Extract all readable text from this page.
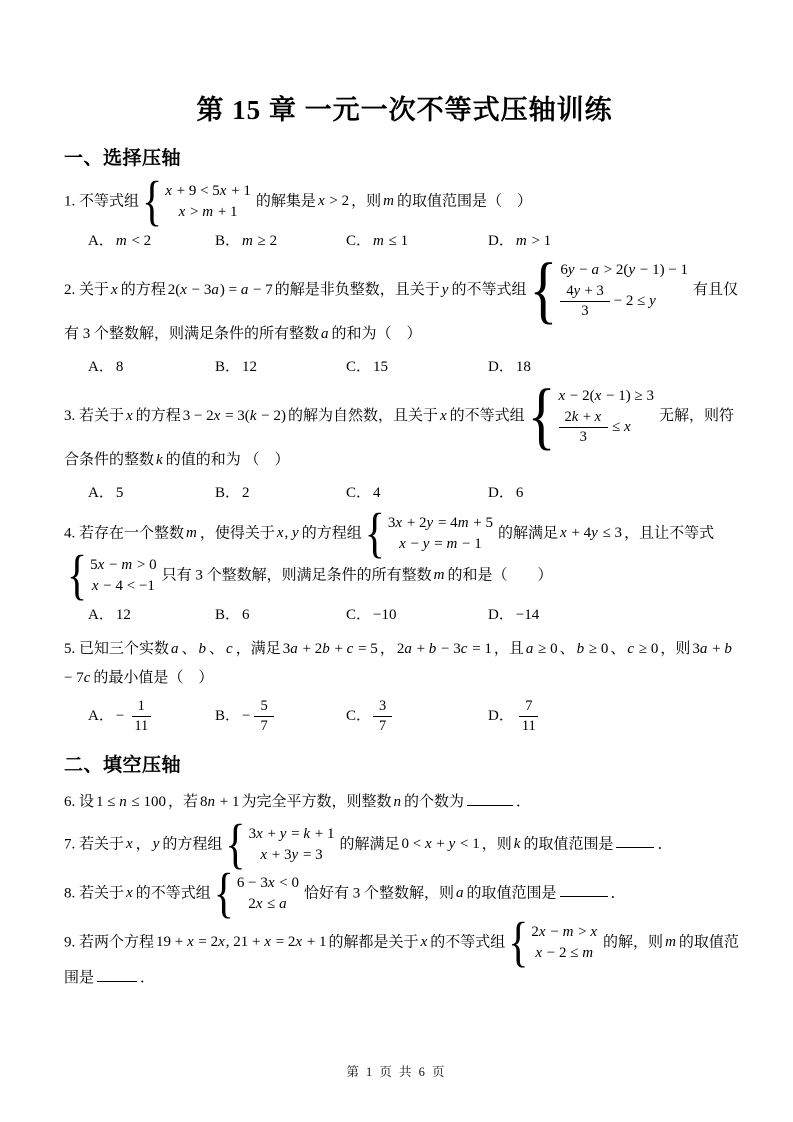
第 15 章 一元一次不等式压轴训练
一、选择压轴
1. 不等式组 { x + 9 < 5x + 1
x > m + 1
的解集是 x > 2 ，则 m 的取值范围是（　）
A． m < 2	B． m ≥ 2	C． m ≤ 1	D． m > 1
2. 关于 x 的方程 2(x − 3a) = a − 7 的解是非负整数，且关于 y 的不等式组 { 6y − a > 2(y − 1) − 1
$\frac{4y + 3}{3} - 2 \le y$
有且仅有 3 个整数解，则满足条件的所有整数 a 的和为（　）
A． 8	B． 12	C． 15	D． 18
3. 若关于 x 的方程 3 − 2x = 3(k − 2) 的解为自然数，且关于 x 的不等式组 { x − 2(x − 1) ≥ 3
$\frac{2k + x}{3} \le x$
无解，则符合条件的整数 k 的值的和为 （　）
A． 5	B． 2	C． 4	D． 6
4. 若存在一个整数 m ，使得关于 x, y 的方程组 { 3x + 2y = 4m + 5
x − y = m − 1
的解满足 x + 4y ≤ 3 ，且让不等式
{ 5x − m > 0
x − 4 < −1
只有 3 个整数解，则满足条件的所有整数 m 的和是（　　）
A． 12	B． 6	C． −10	D． −14
5. 已知三个实数 a 、 b 、 c ，满足 3a + 2b + c = 5 ， 2a + b − 3c = 1 ，且 a ≥ 0 、 b ≥ 0 、 c ≥ 0 ，则 3a + b − 7c 的最小值是（　）
A． − $\frac{1}{11}$	B． − $\frac{5}{7}$	C． $\frac{3}{7}$	D． $\frac{7}{11}$
二、填空压轴
6. 设 1 ≤ n ≤ 100 ，若 8n + 1 为完全平方数，则整数 n 的个数为	．
7. 若关于 x ， y 的方程组 { 3x + y = k + 1
x + 3y = 3
的解满足 0 < x + y < 1 ，则 k 的取值范围是	．
8. 若关于 x 的不等式组 { 6 − 3x < 0
2x ≤ a
恰好有 3 个整数解，则 a 的取值范围是	．
9. 若两个方程 19 + x = 2x, 21 + x = 2x + 1 的解都是关于 x 的不等式组 { 2x − m > x
x − 2 ≤ m
的解，则 m 的取值范围是	．
第 1 页 共 6 页
